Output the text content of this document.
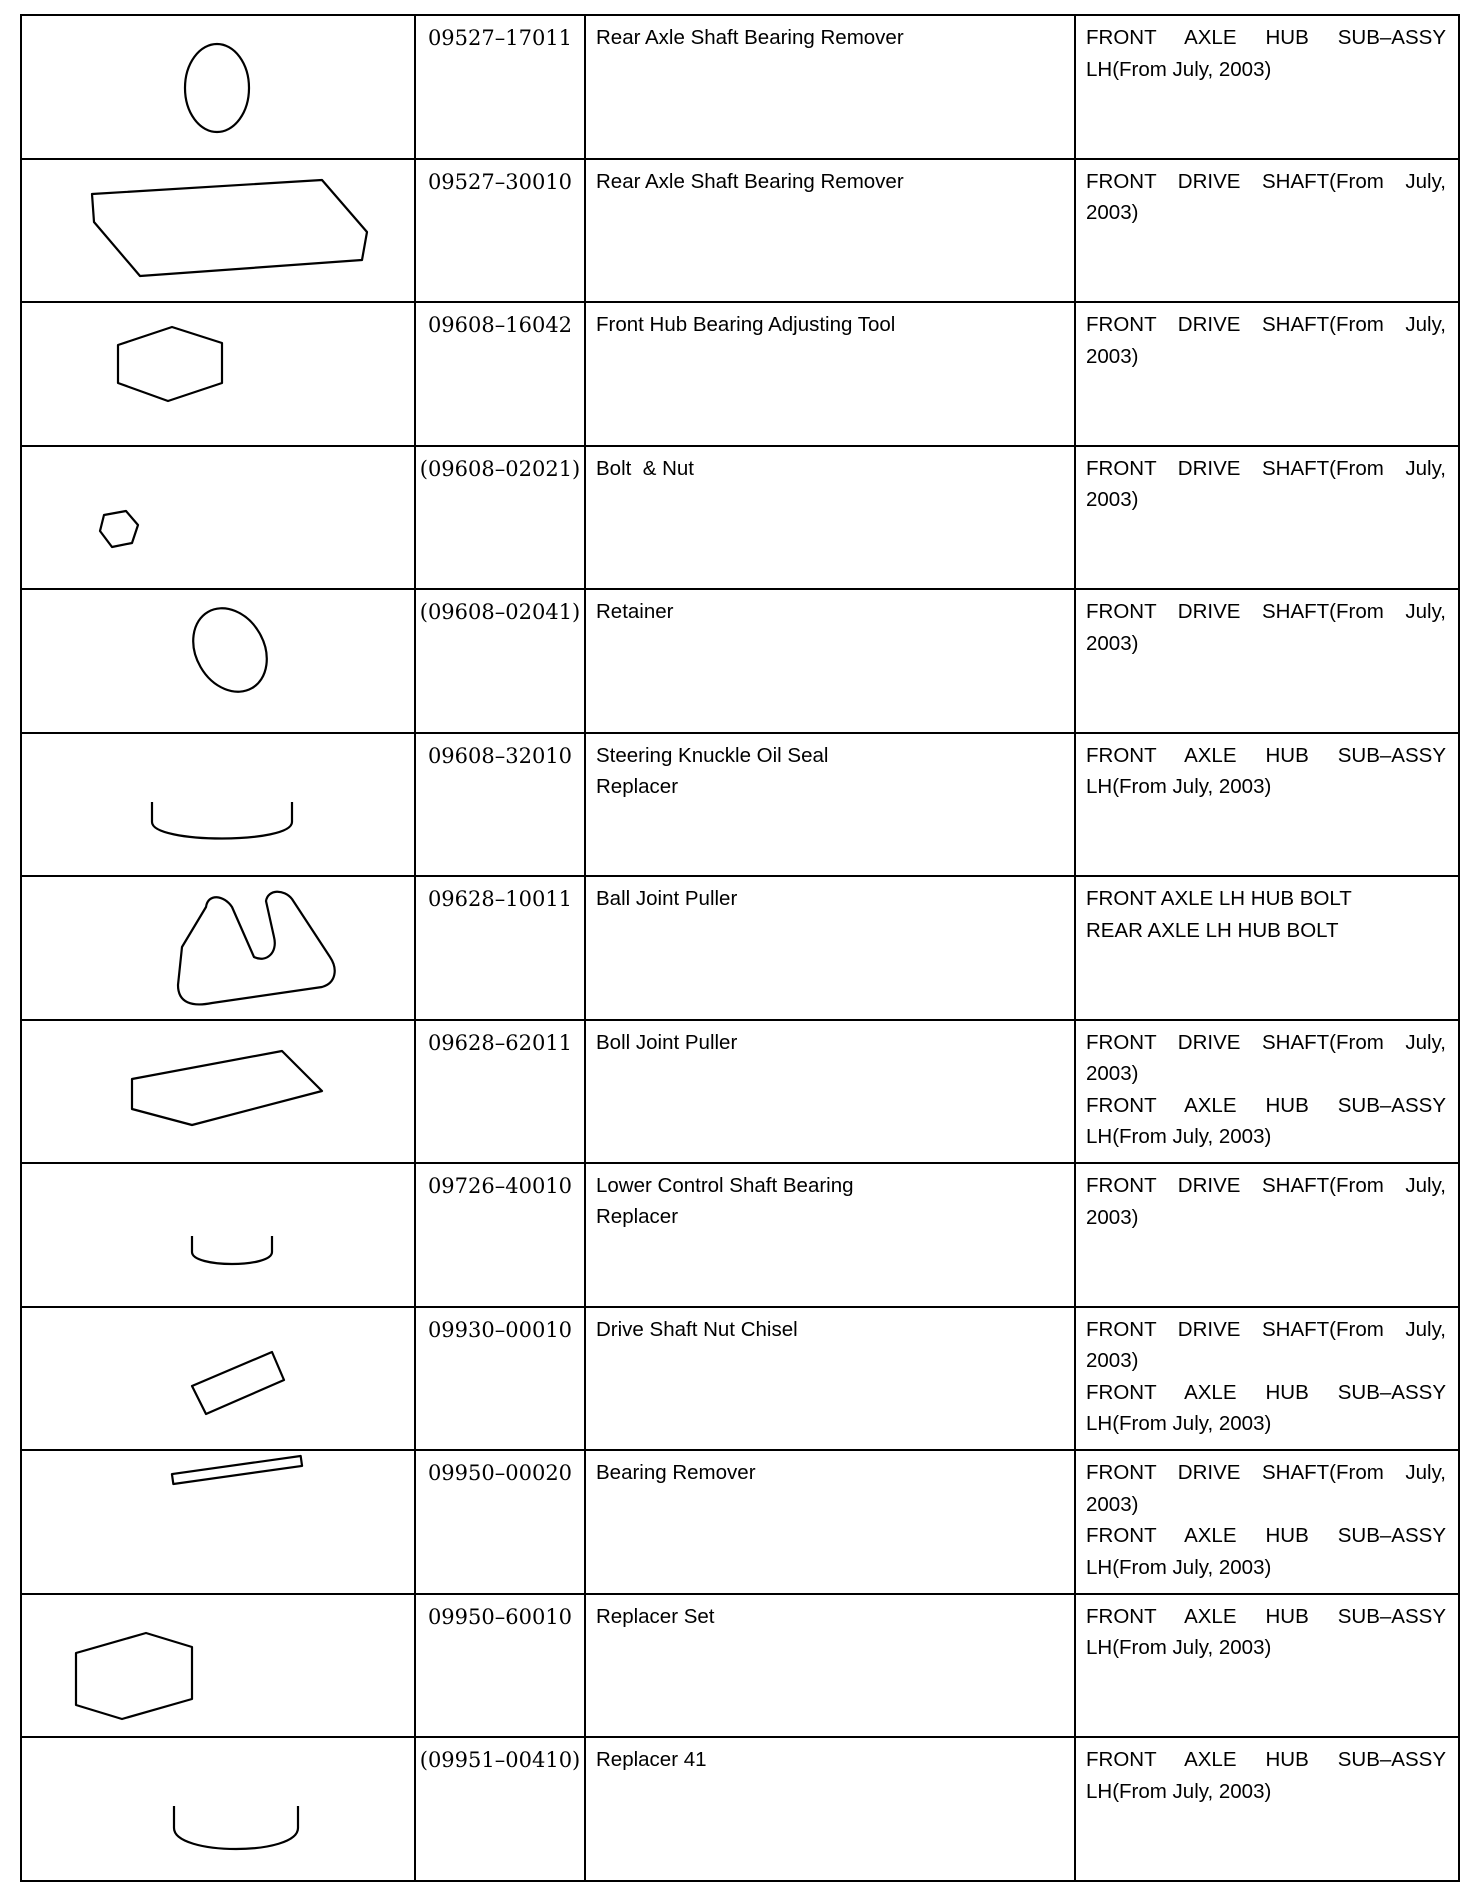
09527–17011	Rear Axle Shaft Bearing Remover	FRONT AXLE HUB SUB–ASSY
LH(From July, 2003)

09527–30010	Rear Axle Shaft Bearing Remover	FRONT DRIVE SHAFT(From July,
2003)

09608–16042	Front Hub Bearing Adjusting Tool	FRONT DRIVE SHAFT(From July,
2003)

(09608–02021)	Bolt  & Nut	FRONT DRIVE SHAFT(From July,
2003)

(09608–02041)	Retainer	FRONT DRIVE SHAFT(From July,
2003)

09608–32010	Steering Knuckle Oil Seal
Replacer	FRONT AXLE HUB SUB–ASSY
LH(From July, 2003)

09628–10011	Ball Joint Puller	FRONT AXLE LH HUB BOLT
REAR AXLE LH HUB BOLT

09628–62011	Boll Joint Puller	FRONT DRIVE SHAFT(From July,
2003)
FRONT AXLE HUB SUB–ASSY
LH(From July, 2003)

09726–40010	Lower Control Shaft Bearing
Replacer	FRONT DRIVE SHAFT(From July,
2003)

09930–00010	Drive Shaft Nut Chisel	FRONT DRIVE SHAFT(From July,
2003)
FRONT AXLE HUB SUB–ASSY
LH(From July, 2003)

09950–00020	Bearing Remover	FRONT DRIVE SHAFT(From July,
2003)
FRONT AXLE HUB SUB–ASSY
LH(From July, 2003)

09950–60010	Replacer Set	FRONT AXLE HUB SUB–ASSY
LH(From July, 2003)

(09951–00410)	Replacer 41	FRONT AXLE HUB SUB–ASSY
LH(From July, 2003)
